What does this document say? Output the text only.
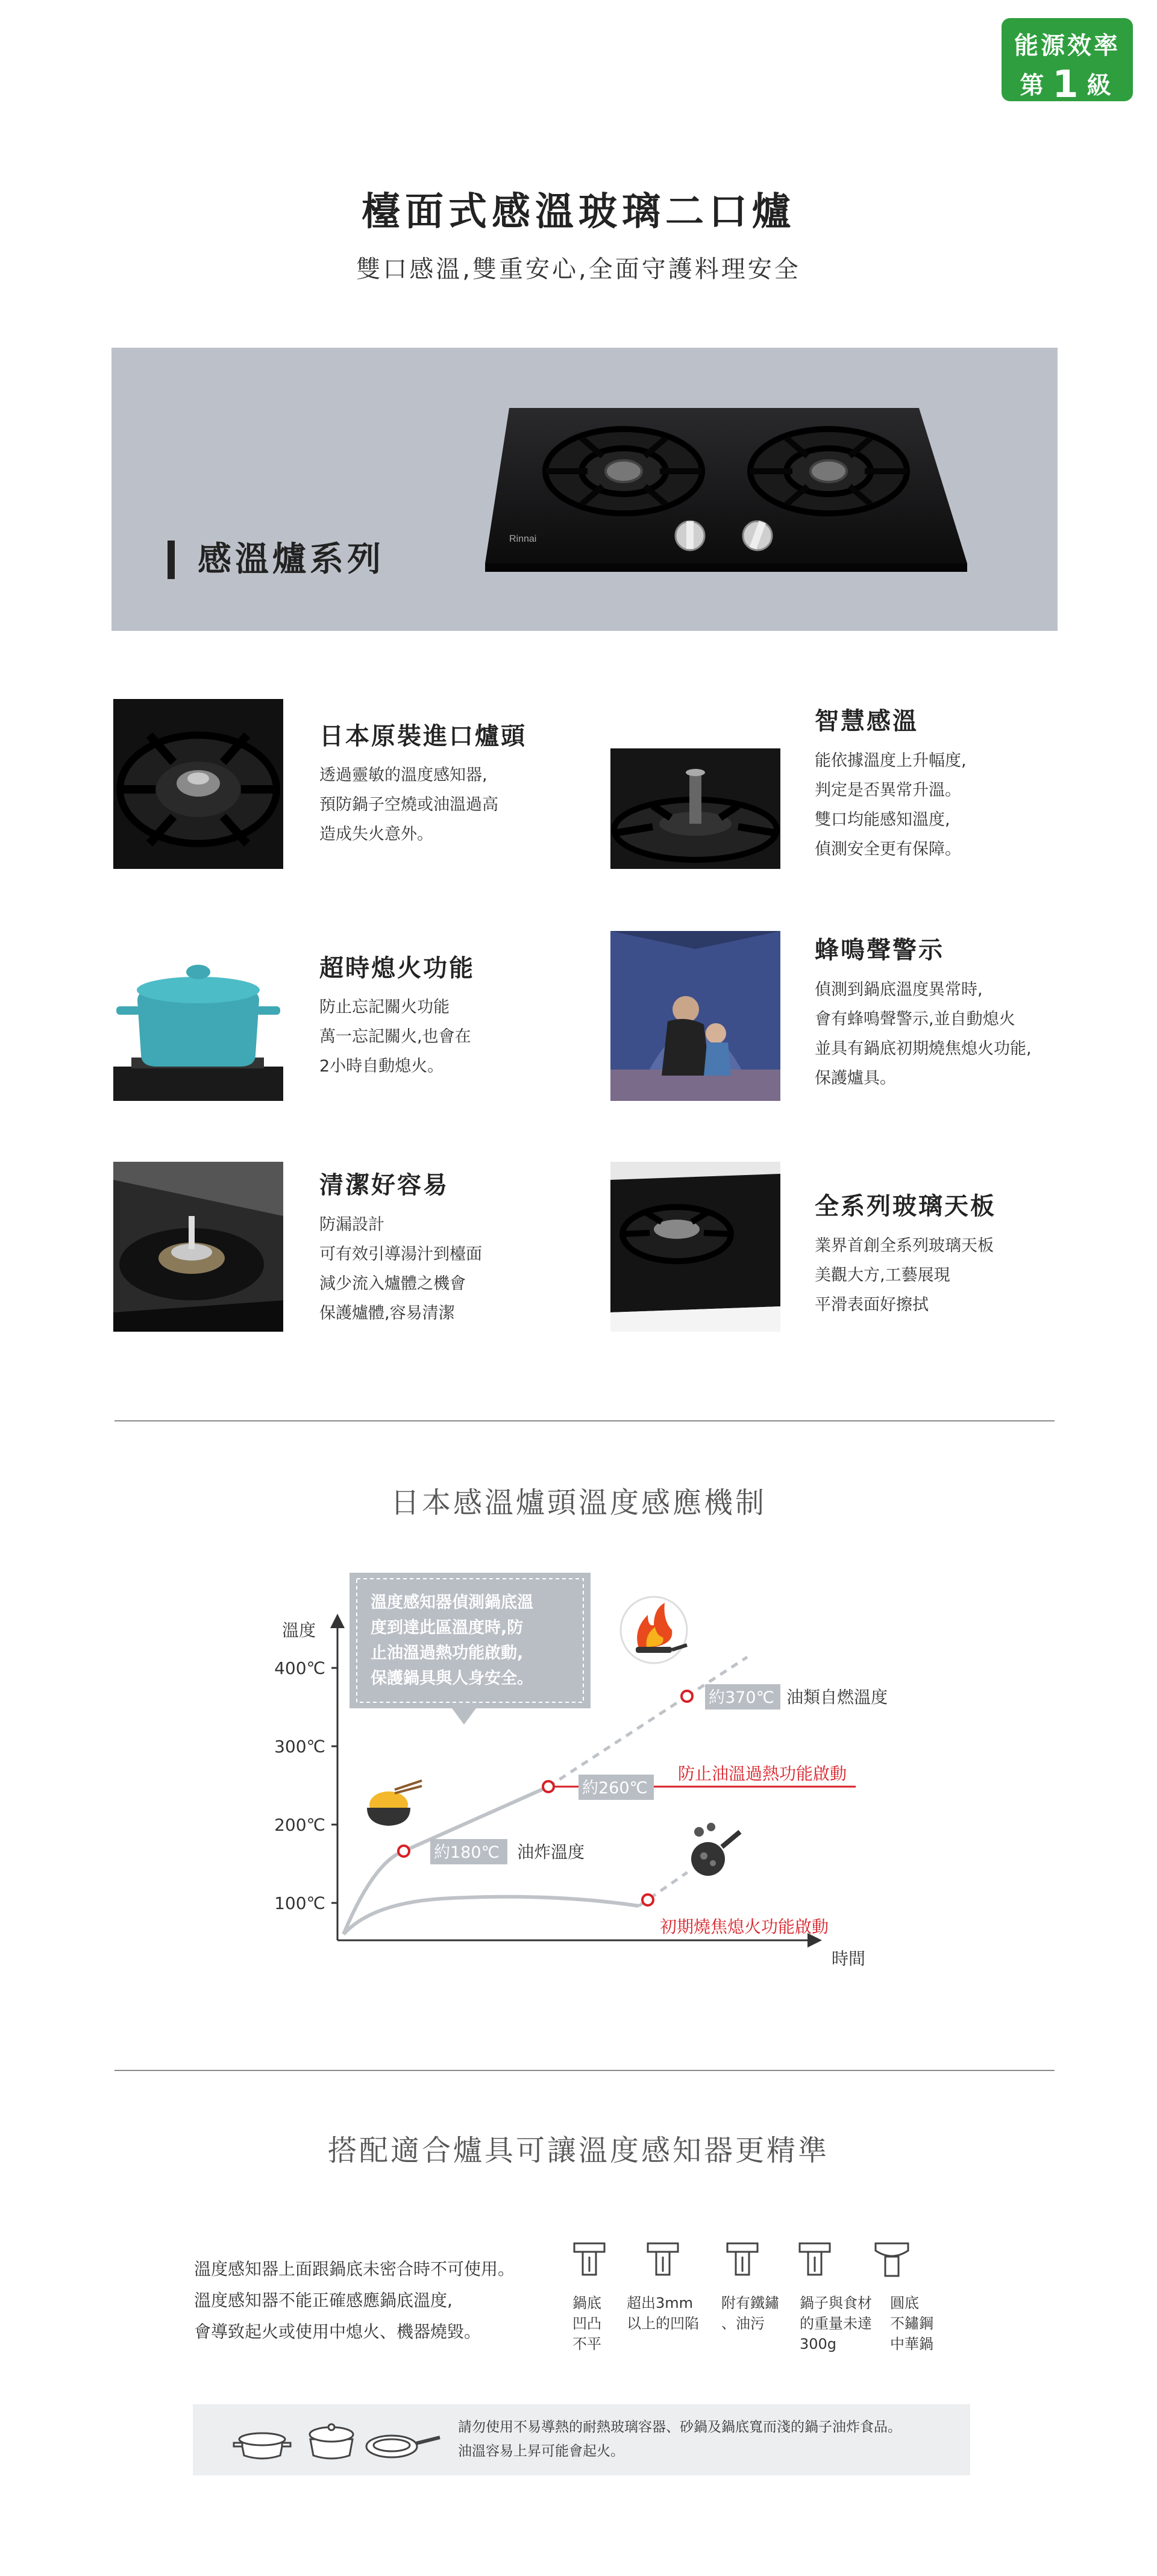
能源效率
第 1 級
檯面式感溫玻璃二口爐
雙口感溫,雙重安心,全面守護料理安全
感溫爐系列
Rinnai
日本原裝進口爐頭
透過靈敏的溫度感知器,
預防鍋子空燒或油溫過高
造成失火意外。
智慧感溫
能依據溫度上升幅度,
判定是否異常升溫。
雙口均能感知溫度,
偵測安全更有保障。
超時熄火功能
防止忘記關火功能
萬一忘記關火,也會在
2小時自動熄火。
蜂鳴聲警示
偵測到鍋底溫度異常時,
會有蜂鳴聲警示,並自動熄火
並具有鍋底初期燒焦熄火功能,
保護爐具。
清潔好容易
防漏設計
可有效引導湯汁到檯面
減少流入爐體之機會
保護爐體,容易清潔
全系列玻璃天板
業界首創全系列玻璃天板
美觀大方,工藝展現
平滑表面好擦拭
日本感溫爐頭溫度感應機制
溫度
時間
400℃
300℃
200℃
100℃
溫度感知器偵測鍋底溫
度到達此區溫度時,防
止油溫過熱功能啟動,
保護鍋具與人身安全。
約180℃ 油炸溫度
約260℃
防止油溫過熱功能啟動
約370℃ 油類自燃溫度
初期燒焦熄火功能啟動
搭配適合爐具可讓溫度感知器更精準
溫度感知器上面跟鍋底未密合時不可使用。
溫度感知器不能正確感應鍋底溫度,
會導致起火或使用中熄火、機器燒毀。
鍋底
凹凸
不平
超出3mm
以上的凹陷
附有鐵鏽
、油污
鍋子與食材
的重量未達
300g
圓底
不鏽鋼
中華鍋
請勿使用不易導熱的耐熱玻璃容器、砂鍋及鍋底寬而淺的鍋子油炸食品。
油溫容易上昇可能會起火。
